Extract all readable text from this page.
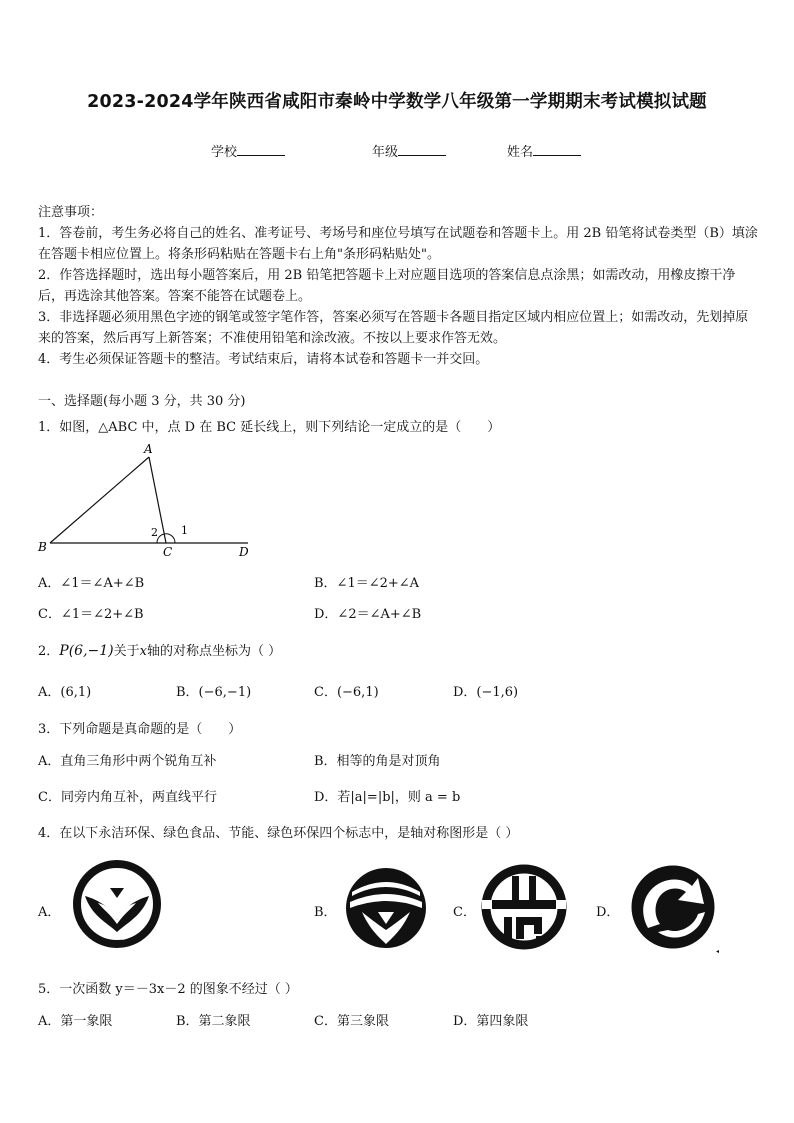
2023-2024学年陕西省咸阳市秦岭中学数学八年级第一学期期末考试模拟试题
学校	年级	姓名

注意事项：

1．答卷前，考生务必将自己的姓名、准考证号、考场号和座位号填写在试题卷和答题卡上。用 2B 铅笔将试卷类型（B）填涂在答题卡相应位置上。将条形码粘贴在答题卡右上角"条形码粘贴处"。

2．作答选择题时，选出每小题答案后，用 2B 铅笔把答题卡上对应题目选项的答案信息点涂黑；如需改动，用橡皮擦干净后，再选涂其他答案。答案不能答在试题卷上。

3．非选择题必须用黑色字迹的钢笔或签字笔作答，答案必须写在答题卡各题目指定区域内相应位置上；如需改动，先划掉原来的答案，然后再写上新答案；不准使用铅笔和涂改液。不按以上要求作答无效。

4．考生必须保证答题卡的整洁。考试结束后，请将本试卷和答题卡一并交回。

一、选择题(每小题 3 分，共 30 分)
1．如图，△ABC 中，点 D 在 BC 延长线上，则下列结论一定成立的是（　　）
A
B	C	D
2 1
A．∠1＝∠A+∠B	B．∠1＝∠2+∠A
C．∠1＝∠2+∠B	D．∠2＝∠A+∠B
2．P(6,−1)关于x轴的对称点坐标为（ ）
A．(6,1)	B．(−6,−1)	C．(−6,1)	D．(−1,6)
3．下列命题是真命题的是（　　）
A．直角三角形中两个锐角互补	B．相等的角是对顶角
C．同旁内角互补，两直线平行	D．若|a|=|b|，则 a = b
4．在以下永洁环保、绿色食品、节能、绿色环保四个标志中，是轴对称图形是（ ）
A．	B．	C．	D．
◂
5．一次函数 y＝－3x－2 的图象不经过（ ）
A．第一象限	B．第二象限	C．第三象限	D．第四象限
